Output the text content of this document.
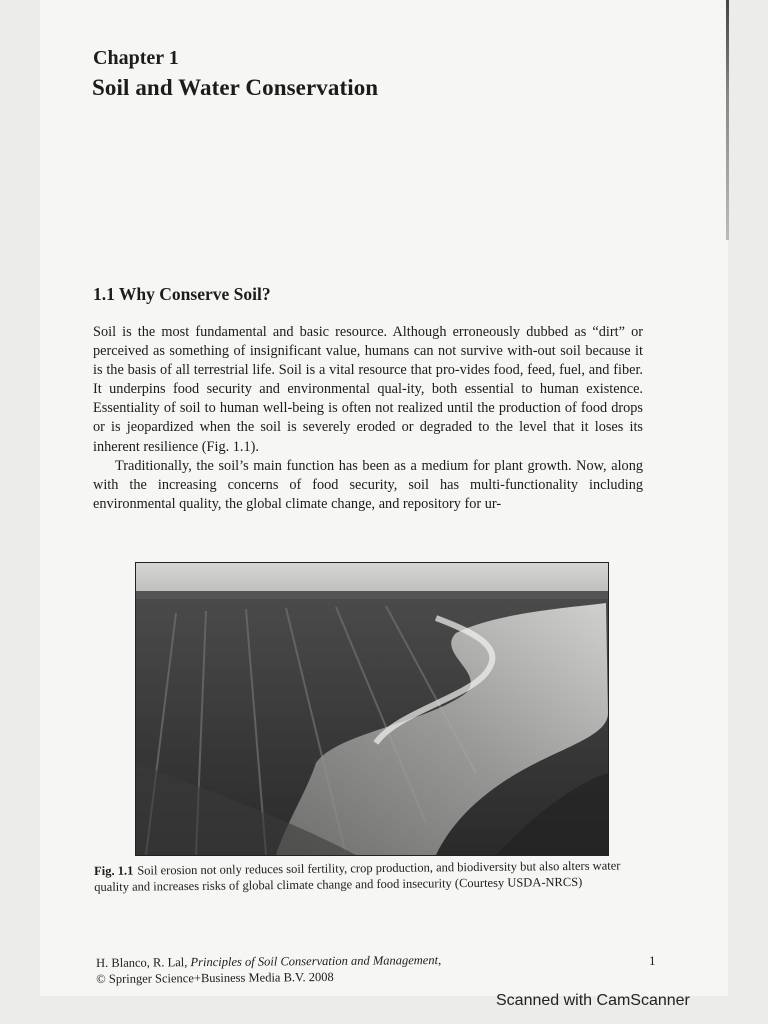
Chapter 1
Soil and Water Conservation
1.1 Why Conserve Soil?

Soil is the most fundamental and basic resource. Although erroneously dubbed as “dirt” or perceived as something of insignificant value, humans can not survive with-out soil because it is the basis of all terrestrial life. Soil is a vital resource that pro-vides food, feed, fuel, and fiber. It underpins food security and environmental qual-ity, both essential to human existence. Essentiality of soil to human well-being is often not realized until the production of food drops or is jeopardized when the soil is severely eroded or degraded to the level that it loses its inherent resilience (Fig. 1.1).

Traditionally, the soil’s main function has been as a medium for plant growth. Now, along with the increasing concerns of food security, soil has multi-functionality including environmental quality, the global climate change, and repository for ur-

Fig. 1.1 Soil erosion not only reduces soil fertility, crop production, and biodiversity but also alters water quality and increases risks of global climate change and food insecurity (Courtesy USDA-NRCS)
H. Blanco, R. Lal, Principles of Soil Conservation and Management,
© Springer Science+Business Media B.V. 2008
1
Scanned with CamScanner
